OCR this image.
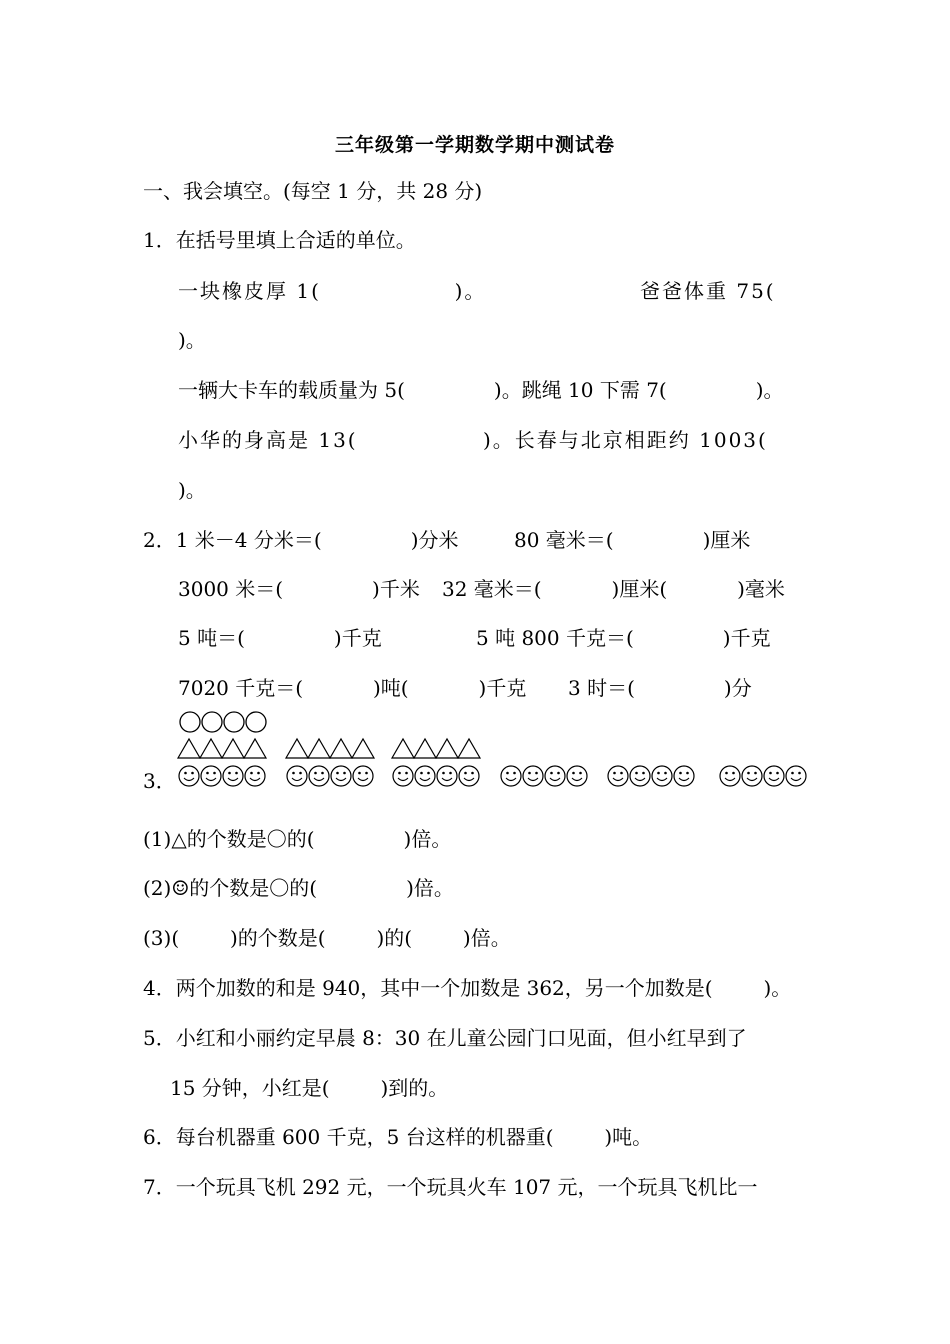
三年级第一学期数学期中测试卷
一、我会填空。(每空 1 分，共 28 分)
1．在括号里填上合适的单位。
一块橡皮厚 1(                )。	爸爸体重 75(
)。
一辆大卡车的载质量为 5(              )。跳绳 10 下需 7(              )。
小华的身高是 13(               )。长春与北京相距约 1003(
)。
2．1 米－4 分米＝(              )分米	80 毫米＝(              )厘米
3000 米＝(              )千米 32 毫米＝(           )厘米(           )毫米
5 吨＝(              )千克	5 吨 800 千克＝(              )千克
7020 千克＝(           )吨(           )千克 3 时＝(              )分
3．
(1)△的个数是〇的(              )倍。
(2)☺的个数是〇的(              )倍。
(3)(        )的个数是(        )的(        )倍。
4．两个加数的和是 940，其中一个加数是 362，另一个加数是(        )。
5．小红和小丽约定早晨 8：30 在儿童公园门口见面，但小红早到了
15 分钟，小红是(        )到的。
6．每台机器重 600 千克，5 台这样的机器重(        )吨。
7．一个玩具飞机 292 元，一个玩具火车 107 元，一个玩具飞机比一
